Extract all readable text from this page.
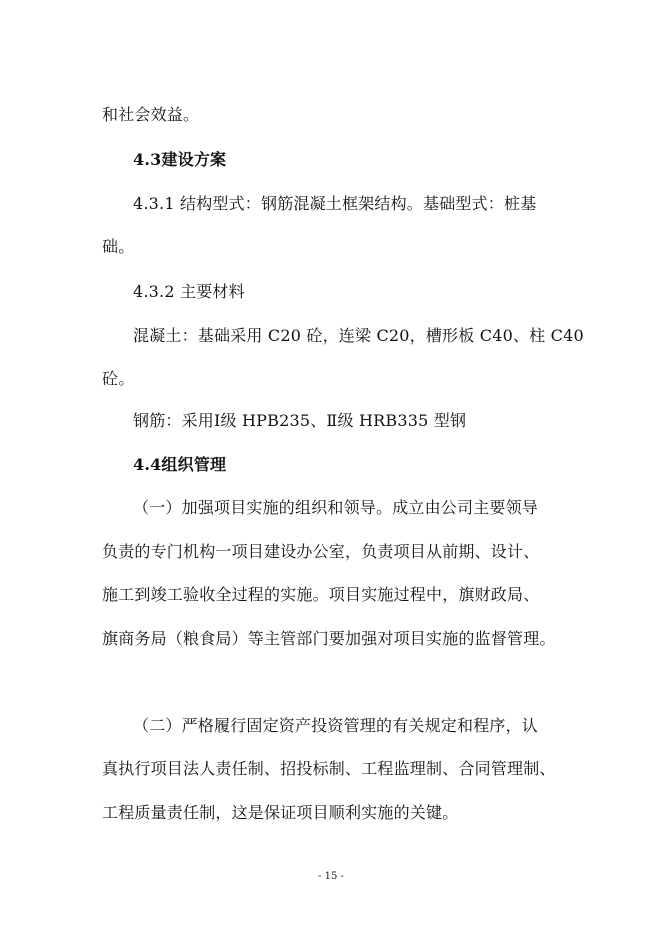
和社会效益。
4.3建设方案
4.3.1 结构型式：钢筋混凝土框架结构。基础型式：桩基
础。
4.3.2 主要材料
混凝土：基础采用 C20 砼，连梁 C20，槽形板 C40、柱 C40
砼。
钢筋：采用Ⅰ级 HPB235、Ⅱ级 HRB335 型钢
4.4组织管理
（一）加强项目实施的组织和领导。成立由公司主要领导
负责的专门机构一项目建设办公室，负责项目从前期、设计、
施工到竣工验收全过程的实施。项目实施过程中，旗财政局、
旗商务局（粮食局）等主管部门要加强对项目实施的监督管理。
（二）严格履行固定资产投资管理的有关规定和程序，认
真执行项目法人责任制、招投标制、工程监理制、合同管理制、
工程质量责任制，这是保证项目顺利实施的关键。
- 15 -
